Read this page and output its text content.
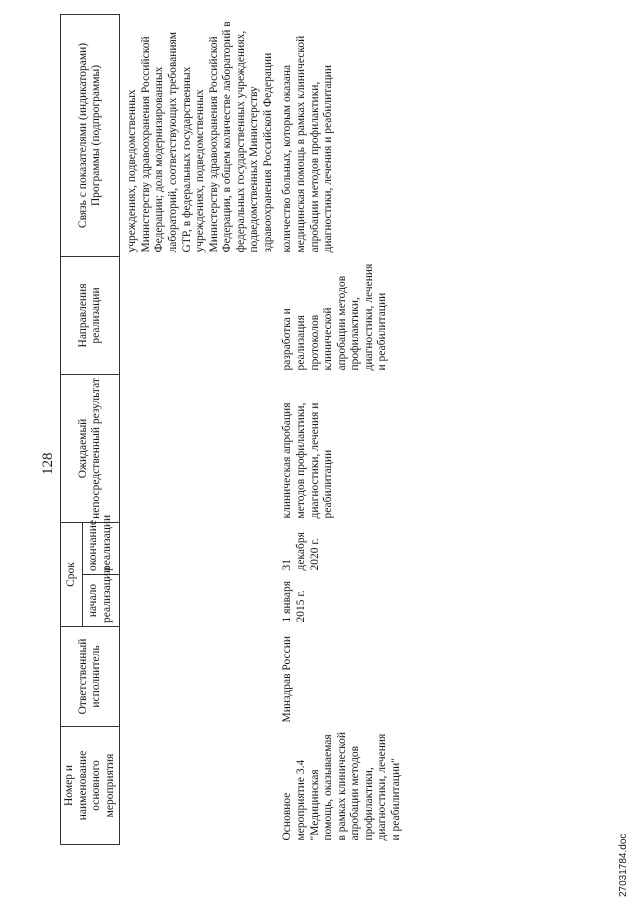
128
Номер и наименование основного мероприятия	Ответственный исполнитель	Срок		Ожидаемый непосредственный результат	Направления реализации	Связь с показателями (индикаторами) Программы (подпрограммы)
		начало реализации	окончание реализации			
						учреждениях, подведомственных Министерству здравоохранения Российской Федерации; доля модернизированных лабораторий, соответствующих требованиям GTP, в федеральных государственных учреждениях, подведомственных Министерству здравоохранения Российской Федерации, в общем количестве лабораторий в федеральных государственных учреждениях, подведомственных Министерству здравоохранения Российской Федерации
Основное мероприятие 3.4 "Медицинская помощь, оказываемая в рамках клинической апробации методов профилактики, диагностики, лечения и реабилитации"	Минздрав России	1 января 2015 г.	31 декабря 2020 г.	клиническая апробация методов профилактики, диагностики, лечения и реабилитации	разработка и реализация протоколов клинической апробации методов профилактики, диагностики, лечения и реабилитации	количество больных, которым оказана медицинская помощь в рамках клинической апробации методов профилактики, диагностики, лечения и реабилитации
27031784.doc
